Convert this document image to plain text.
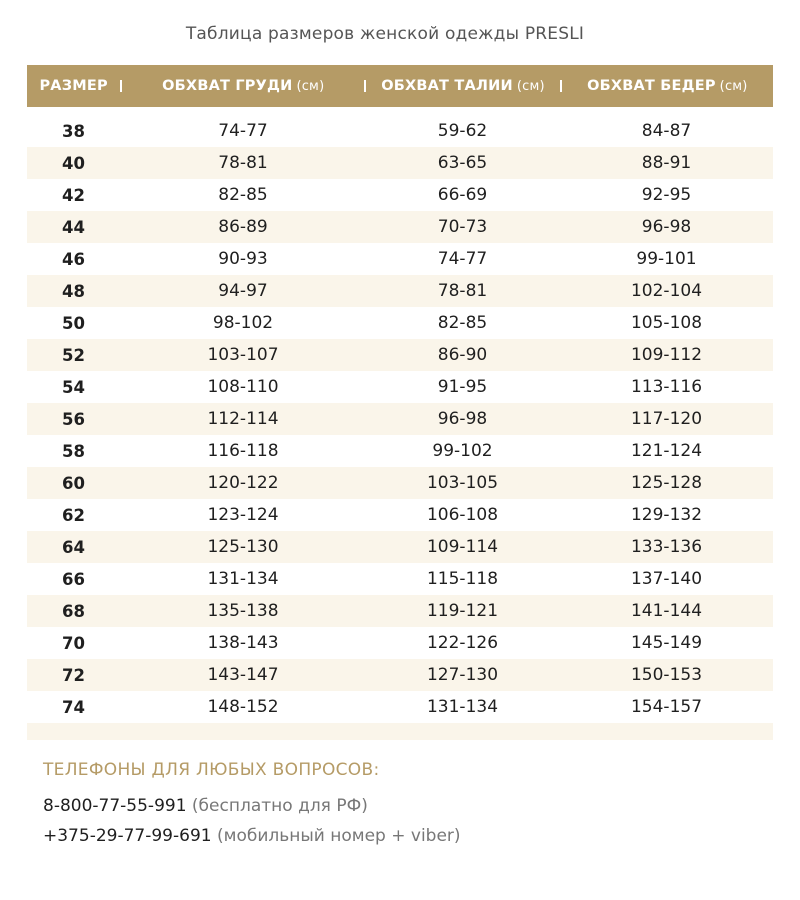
Таблица размеров женской одежды PRESLI
РАЗМЕР	ОБХВАТ ГРУДИ (см)	ОБХВАТ ТАЛИИ (см)	ОБХВАТ БЕДЕР (см)
38	74-77	59-62	84-87
40	78-81	63-65	88-91
42	82-85	66-69	92-95
44	86-89	70-73	96-98
46	90-93	74-77	99-101
48	94-97	78-81	102-104
50	98-102	82-85	105-108
52	103-107	86-90	109-112
54	108-110	91-95	113-116
56	112-114	96-98	117-120
58	116-118	99-102	121-124
60	120-122	103-105	125-128
62	123-124	106-108	129-132
64	125-130	109-114	133-136
66	131-134	115-118	137-140
68	135-138	119-121	141-144
70	138-143	122-126	145-149
72	143-147	127-130	150-153
74	148-152	131-134	154-157
ТЕЛЕФОНЫ ДЛЯ ЛЮБЫХ ВОПРОСОВ:
8-800-77-55-991 (бесплатно для РФ)
+375-29-77-99-691 (мобильный номер + viber)
